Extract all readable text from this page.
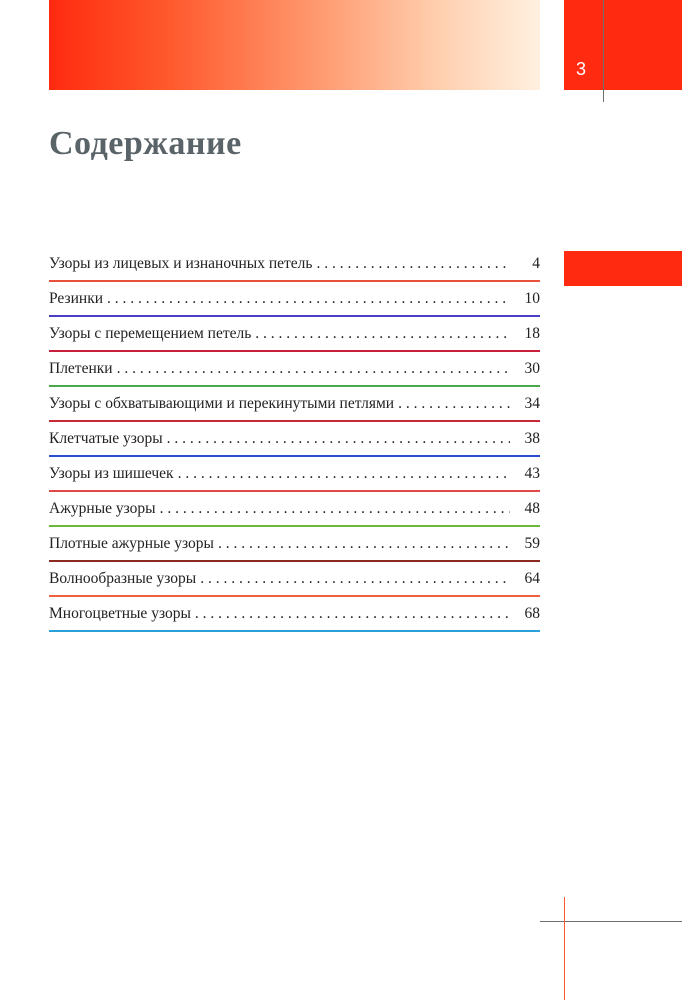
3
Содержание
Узоры из лицевых и изнаночных петель . . .	4
Резинки . . .	10
Узоры с перемещением петель . . .	18
Плетенки . . .	30
Узоры с обхватывающими и перекинутыми петлями . . .	34
Клетчатые узоры . . .	38
Узоры из шишечек . . .	43
Ажурные узоры . . .	48
Плотные ажурные узоры . . .	59
Волнообразные узоры . . .	64
Многоцветные узоры . . .	68
